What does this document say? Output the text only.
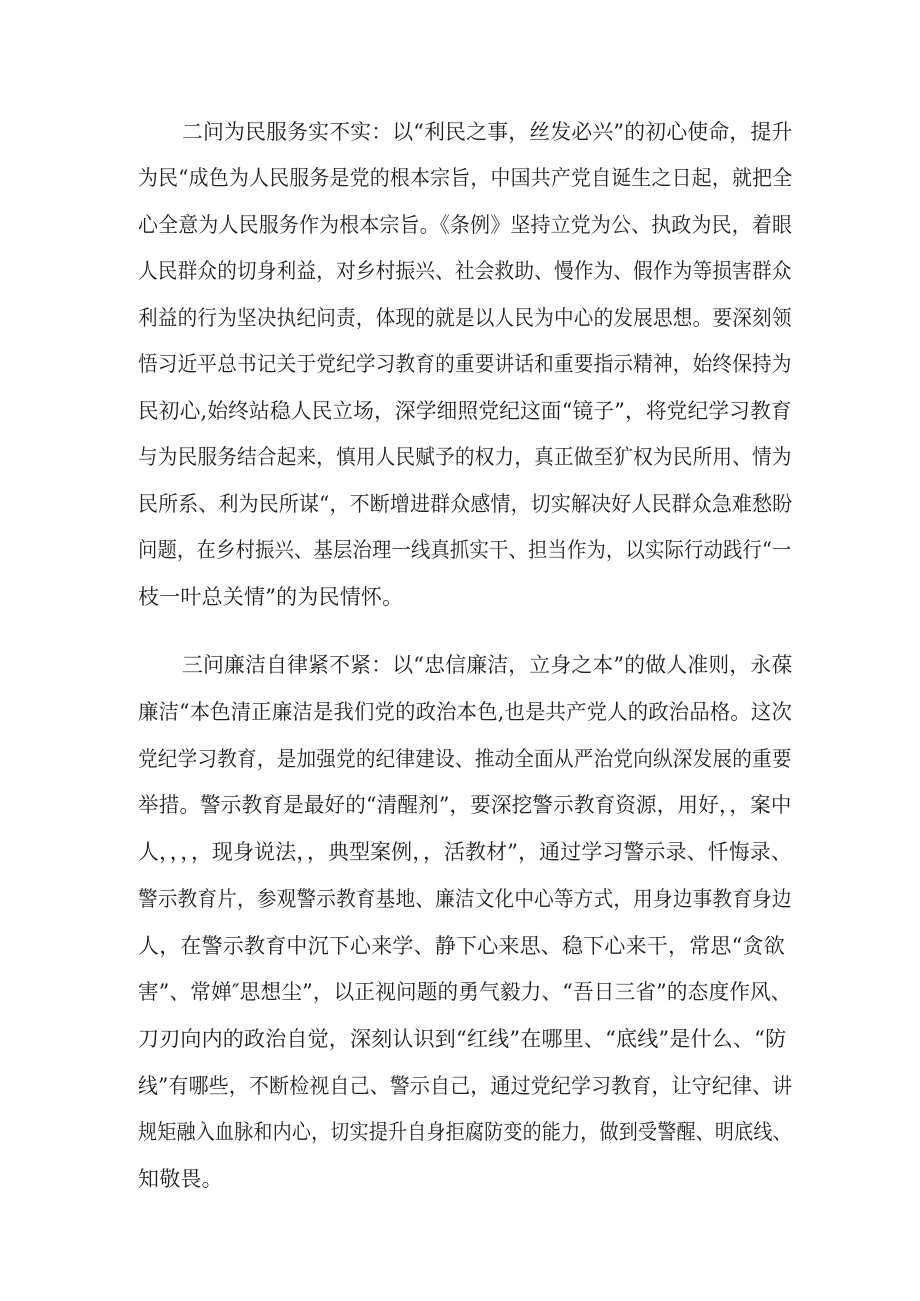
二问为民服务实不实：以“利民之事，丝发必兴”的初心使命，提升

为民“成色为人民服务是党的根本宗旨，中国共产党自诞生之日起，就把全

心全意为人民服务作为根本宗旨。《条例》坚持立党为公、执政为民，着眼

人民群众的切身利益，对乡村振兴、社会救助、慢作为、假作为等损害群众

利益的行为坚决执纪问责，体现的就是以人民为中心的发展思想。要深刻领

悟习近平总书记关于党纪学习教育的重要讲话和重要指示精神，始终保持为

民初心,始终站稳人民立场，深学细照党纪这面“镜子”，将党纪学习教育

与为民服务结合起来，慎用人民赋予的权力，真正做至犷权为民所用、情为

民所系、利为民所谋“，不断增进群众感情，切实解决好人民群众急难愁盼

问题，在乡村振兴、基层治理一线真抓实干、担当作为，以实际行动践行“一

枝一叶总关情”的为民情怀。

三问廉洁自律紧不紧：以“忠信廉洁，立身之本”的做人准则，永葆

廉洁“本色清正廉洁是我们党的政治本色,也是共产党人的政治品格。这次

党纪学习教育，是加强党的纪律建设、推动全面从严治党向纵深发展的重要

举措。警示教育是最好的“清醒剂”，要深挖警示教育资源，用好，，案中

人，，，，现身说法，，典型案例，，活教材”，通过学习警示录、忏悔录、

警示教育片，参观警示教育基地、廉洁文化中心等方式，用身边事教育身边

人，在警示教育中沉下心来学、静下心来思、稳下心来干，常思“贪欲

害”、常婵″思想尘”，以正视问题的勇气毅力、“吾日三省”的态度作风、

刀刃向内的政治自觉，深刻认识到“红线”在哪里、“底线”是什么、“防

线”有哪些，不断检视自己、警示自己，通过党纪学习教育，让守纪律、讲

规矩融入血脉和内心，切实提升自身拒腐防变的能力，做到受警醒、明底线、

知敬畏。
